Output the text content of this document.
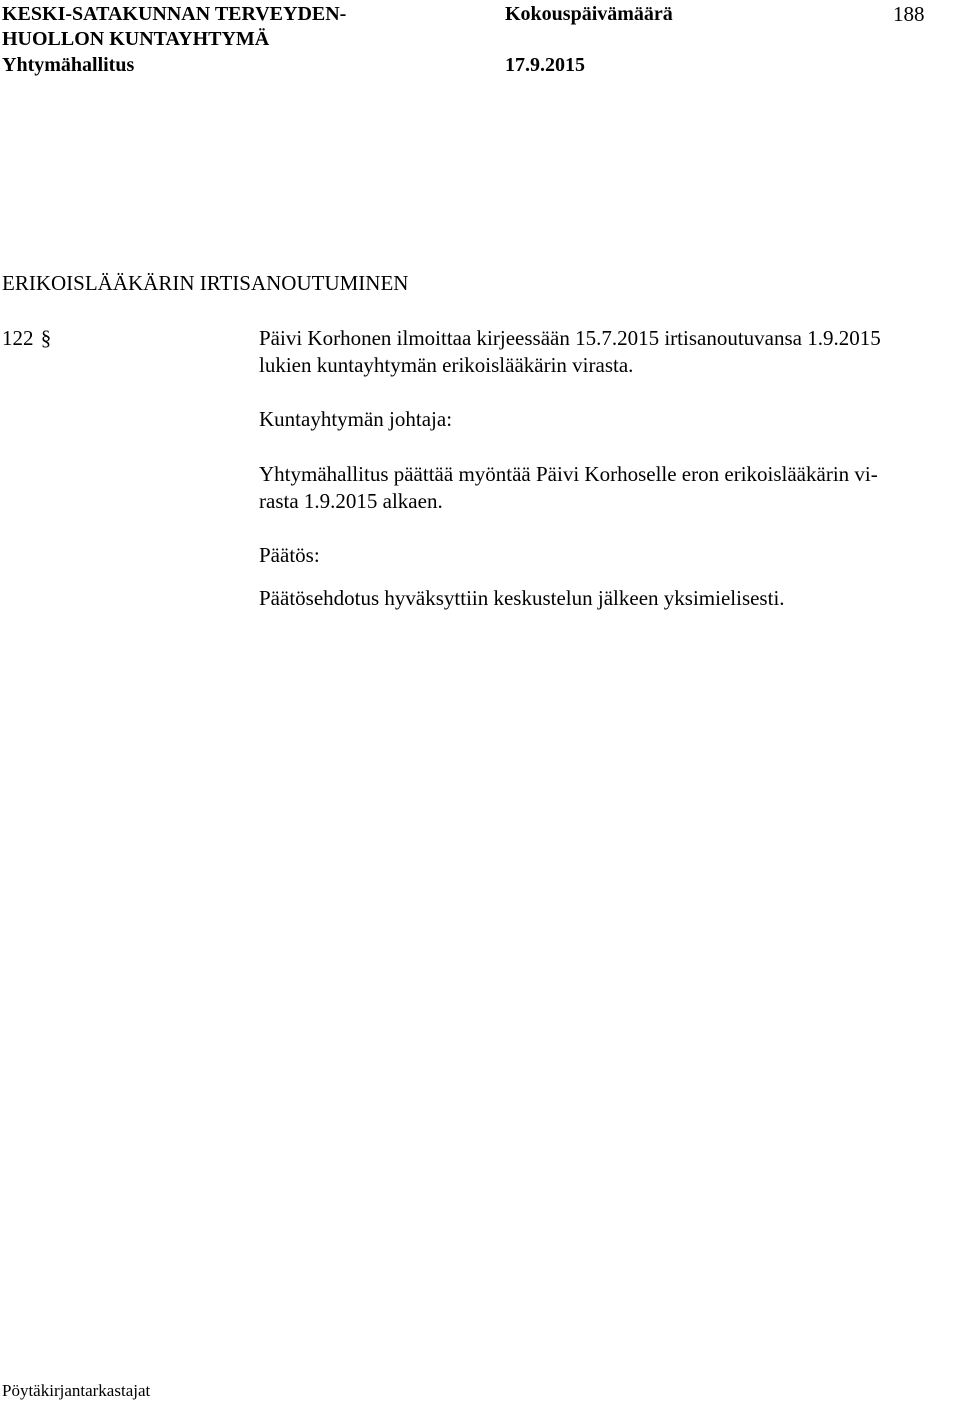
KESKI-SATAKUNNAN TERVEYDEN-
HUOLLON KUNTAYHTYMÄ
Yhtymähallitus
Kokouspäivämäärä
17.9.2015
188
ERIKOISLÄÄKÄRIN IRTISANOUTUMINEN
122 §	Päivi Korhonen ilmoittaa kirjeessään 15.7.2015 irtisanoutuvansa 1.9.2015
lukien kuntayhtymän erikoislääkärin virasta.
Kuntayhtymän johtaja:
Yhtymähallitus päättää myöntää Päivi Korhoselle eron erikoislääkärin vi-
rasta 1.9.2015 alkaen.
Päätös:
Päätösehdotus hyväksyttiin keskustelun jälkeen yksimielisesti.
Pöytäkirjantarkastajat
